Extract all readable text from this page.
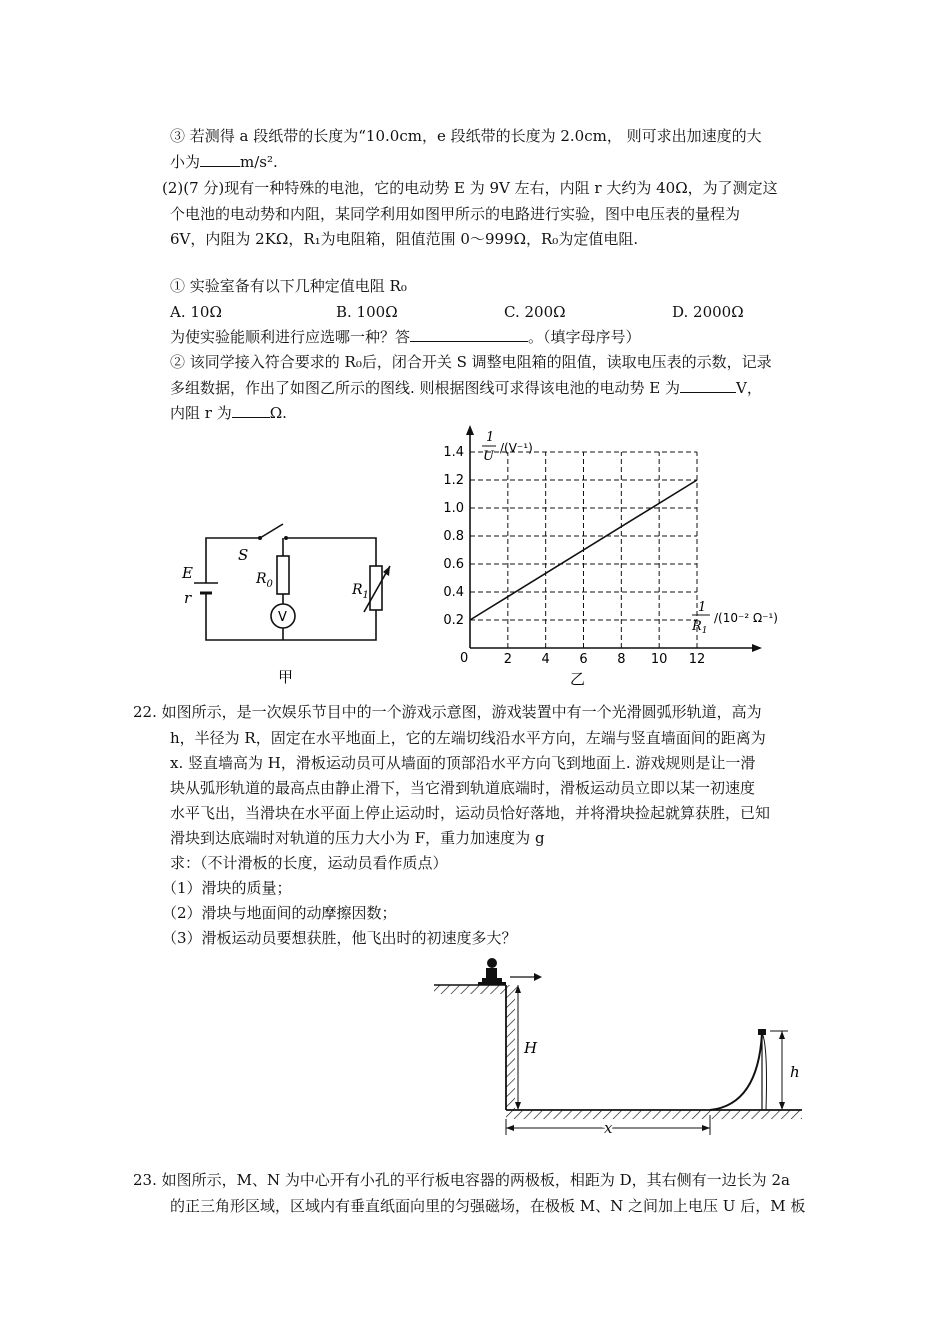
③ 若测得 a 段纸带的长度为“10.0cm，e 段纸带的长度为 2.0cm， 则可求出加速度的大
小为	m/s².
(2)(7 分)现有一种特殊的电池，它的电动势 E 为 9V 左右，内阻 r 大约为 40Ω，为了测定这
个电池的电动势和内阻，某同学利用如图甲所示的电路进行实验，图中电压表的量程为
6V，内阻为 2KΩ，R₁为电阻箱，阻值范围 0～999Ω，R₀为定值电阻.
① 实验室备有以下几种定值电阻 R₀
A. 10Ω	B. 100Ω	C. 200Ω	D. 2000Ω
为使实验能顺利进行应选哪一种？答	。（填字母序号）
② 该同学接入符合要求的 R₀后，闭合开关 S 调整电阻箱的阻值，读取电压表的示数，记录
多组数据，作出了如图乙所示的图线. 则根据图线可求得该电池的电动势 E 为	V，
内阻 r 为	Ω.
E
r
S
$R_0$
V
$R_1$
甲
2 4 6 8 10 12
0.2
0.4
0.6
0.8
1.0
1.2
1.4
1
U
/(V⁻¹)
1
$R_1$
/(10⁻² Ω⁻¹)
0
乙
22. 如图所示，是一次娱乐节目中的一个游戏示意图，游戏装置中有一个光滑圆弧形轨道，高为
h，半径为 R，固定在水平地面上，它的左端切线沿水平方向，左端与竖直墙面间的距离为
x. 竖直墙高为 H，滑板运动员可从墙面的顶部沿水平方向飞到地面上. 游戏规则是让一滑
块从弧形轨道的最高点由静止滑下，当它滑到轨道底端时，滑板运动员立即以某一初速度
水平飞出，当滑块在水平面上停止运动时，运动员恰好落地，并将滑块捡起就算获胜，已知
滑块到达底端时对轨道的压力大小为 F，重力加速度为 g
求：（不计滑板的长度，运动员看作质点）
（1）滑块的质量；
（2）滑块与地面间的动摩擦因数；
（3）滑板运动员要想获胜，他飞出时的初速度多大？
H
h
x
23. 如图所示，M、N 为中心开有小孔的平行板电容器的两极板，相距为 D，其右侧有一边长为 2a
的正三角形区域，区域内有垂直纸面向里的匀强磁场，在极板 M、N 之间加上电压 U 后，M 板
